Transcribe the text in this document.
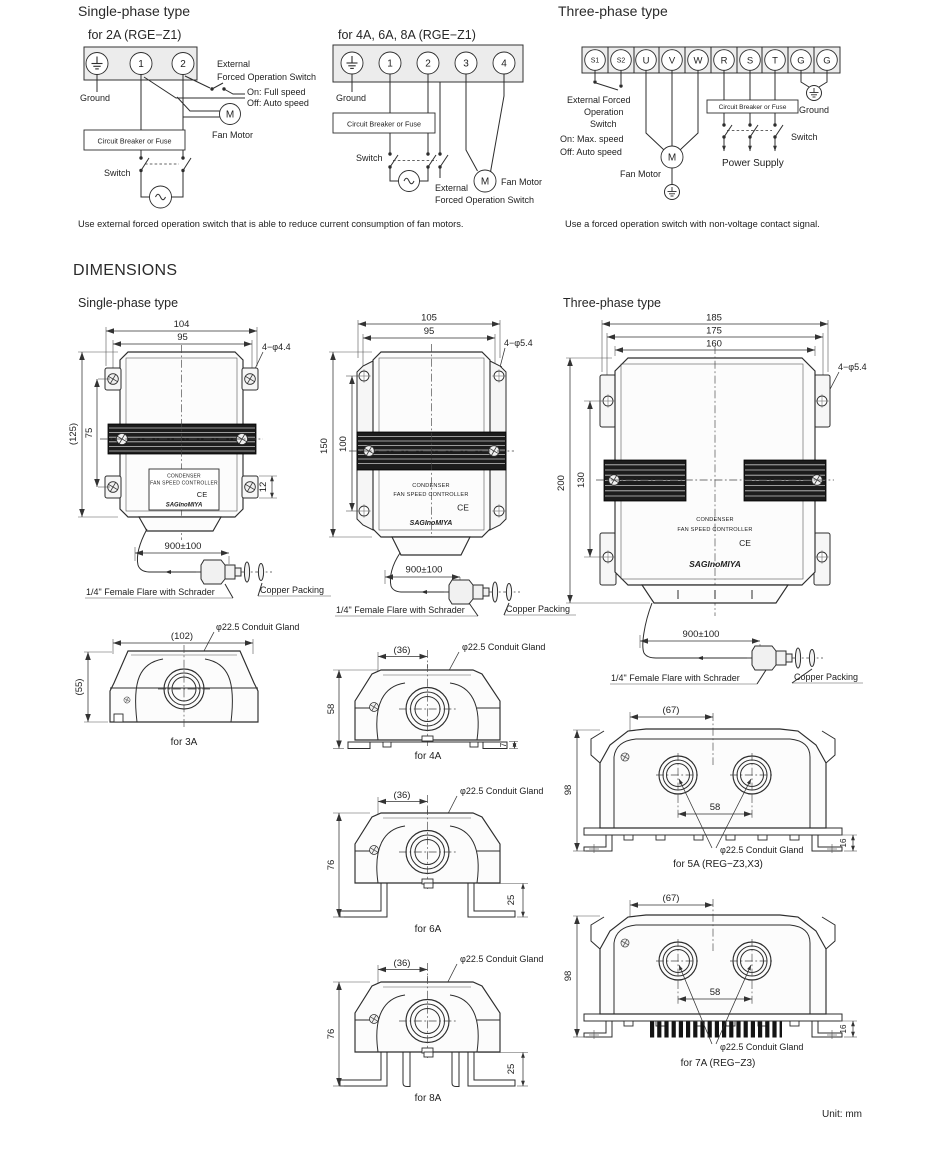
Single-phase type
for 2A (RGE−Z1)
1	2
Ground
External
Forced Operation Switch
On: Full speed
Off: Auto speed
M
Fan Motor
Circuit Breaker or Fuse
Switch
for 4A, 6A, 8A (RGE−Z1)
1	2	3	4
Ground
Circuit Breaker or Fuse
Switch
External
Forced Operation Switch
M Fan Motor
Three-phase type
S1 S2 U V W R S T G G
External Forced
Operation
Switch
On: Max. speed
Off: Auto speed
M
Fan Motor
Circuit Breaker or Fuse
Switch
Power Supply
Ground
Use external forced operation switch that is able to reduce current consumption of fan motors.	Use a forced operation switch with non-voltage contact signal.
DIMENSIONS
Single-phase type	Three-phase type
104
95
4−φ4.4
CONDENSER
FAN SPEED CONTROLLER
CE
SAGInoMIYA
(125) 75
12
900±100
1/4" Female Flare with Schrader	Copper Packing
105
95
4−φ5.4
CONDENSER
FAN SPEED CONTROLLER
CE
SAGInoMIYA
150 100
900±100
1/4" Female Flare with Schrader	Copper Packing
185
175
160
4−φ5.4
CONDENSER
FAN SPEED CONTROLLER
CE
SAGInoMIYA
200 130
900±100
1/4" Female Flare with Schrader	Copper Packing
(102)
φ22.5 Conduit Gland
(55)
for 3A
(36)	φ22.5 Conduit Gland
58
7
for 4A
(36)	φ22.5 Conduit Gland
76
25
for 6A
(36)	φ22.5 Conduit Gland
76
25
for 8A
(67)
58
98
16
φ22.5 Conduit Gland
for 5A (REG−Z3,X3)
(67)
58
98
16
φ22.5 Conduit Gland
for 7A (REG−Z3)
Unit: mm
